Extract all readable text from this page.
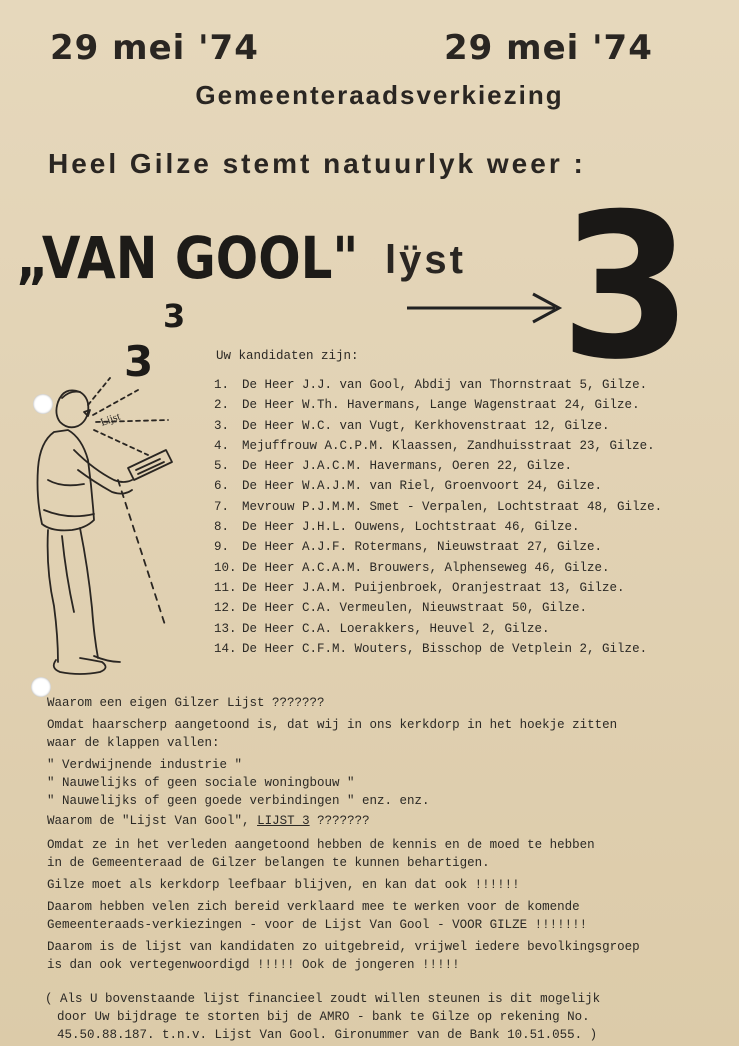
29 mei '74	29 mei '74
Gemeenteraadsverkiezing
Heel Gilze stemt natuurlyk weer :
„VAN GOOL" lÿst 3
3
3
Lijst
Uw kandidaten zijn:
1. De Heer J.J. van Gool, Abdij van Thornstraat 5, Gilze.
2. De Heer W.Th. Havermans, Lange Wagenstraat 24, Gilze.
3. De Heer W.C. van Vugt, Kerkhovenstraat 12, Gilze.
4. Mejuffrouw A.C.P.M. Klaassen, Zandhuisstraat 23, Gilze.
5. De Heer J.A.C.M. Havermans, Oeren 22, Gilze.
6. De Heer W.A.J.M. van Riel, Groenvoort 24, Gilze.
7. Mevrouw P.J.M.M. Smet - Verpalen, Lochtstraat 48, Gilze.
8. De Heer J.H.L. Ouwens, Lochtstraat 46, Gilze.
9. De Heer A.J.F. Rotermans, Nieuwstraat 27, Gilze.
10. De Heer A.C.A.M. Brouwers, Alphenseweg 46, Gilze.
11. De Heer J.A.M. Puijenbroek, Oranjestraat 13, Gilze.
12. De Heer C.A. Vermeulen, Nieuwstraat 50, Gilze.
13. De Heer C.A. Loerakkers, Heuvel 2, Gilze.
14. De Heer C.F.M. Wouters, Bisschop de Vetplein 2, Gilze.
Waarom een eigen Gilzer Lijst ???????
Omdat haarscherp aangetoond is, dat wij in ons kerkdorp in het hoekje zitten
waar de klappen vallen:
" Verdwijnende industrie "
" Nauwelijks of geen sociale woningbouw "
" Nauwelijks of geen goede verbindingen " enz. enz.
Waarom de "Lijst Van Gool", LIJST 3 ???????
Omdat ze in het verleden aangetoond hebben de kennis en de moed te hebben
in de Gemeenteraad de Gilzer belangen te kunnen behartigen.
Gilze moet als kerkdorp leefbaar blijven, en kan dat ook !!!!!!
Daarom hebben velen zich bereid verklaard mee te werken voor de komende
Gemeenteraads-verkiezingen - voor de Lijst Van Gool - VOOR GILZE !!!!!!!
Daarom is de lijst van kandidaten zo uitgebreid, vrijwel iedere bevolkingsgroep
is dan ook vertegenwoordigd !!!!! Ook de jongeren !!!!!
( Als U bovenstaande lijst financieel zoudt willen steunen is dit mogelijk
door Uw bijdrage te storten bij de AMRO - bank te Gilze op rekening No.
45.50.88.187. t.n.v. Lijst Van Gool. Gironummer van de Bank 10.51.055. )
